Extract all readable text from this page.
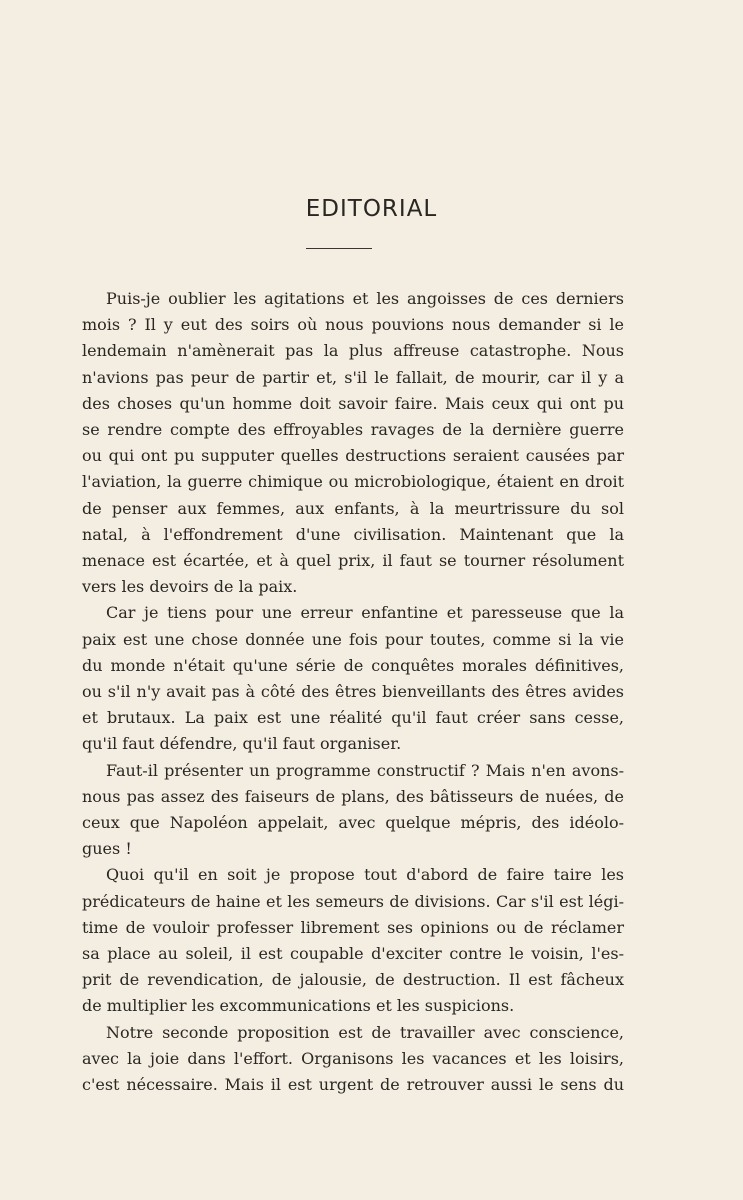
EDITORIAL
Puis-je oublier les agitations et les angoisses de ces derniers
mois ? Il y eut des soirs où nous pouvions nous demander si le
lendemain n'amènerait pas la plus affreuse catastrophe. Nous
n'avions pas peur de partir et, s'il le fallait, de mourir, car il y a
des choses qu'un homme doit savoir faire. Mais ceux qui ont pu
se rendre compte des effroyables ravages de la dernière guerre
ou qui ont pu supputer quelles destructions seraient causées par
l'aviation, la guerre chimique ou microbiologique, étaient en droit
de penser aux femmes, aux enfants, à la meurtrissure du sol
natal, à l'effondrement d'une civilisation. Maintenant que la
menace est écartée, et à quel prix, il faut se tourner résolument
vers les devoirs de la paix.
Car je tiens pour une erreur enfantine et paresseuse que la
paix est une chose donnée une fois pour toutes, comme si la vie
du monde n'était qu'une série de conquêtes morales définitives,
ou s'il n'y avait pas à côté des êtres bienveillants des êtres avides
et brutaux. La paix est une réalité qu'il faut créer sans cesse,
qu'il faut défendre, qu'il faut organiser.
Faut-il présenter un programme constructif ? Mais n'en avons-
nous pas assez des faiseurs de plans, des bâtisseurs de nuées, de
ceux que Napoléon appelait, avec quelque mépris, des idéolo-
gues !
Quoi qu'il en soit je propose tout d'abord de faire taire les
prédicateurs de haine et les semeurs de divisions. Car s'il est légi-
time de vouloir professer librement ses opinions ou de réclamer
sa place au soleil, il est coupable d'exciter contre le voisin, l'es-
prit de revendication, de jalousie, de destruction. Il est fâcheux
de multiplier les excommunications et les suspicions.
Notre seconde proposition est de travailler avec conscience,
avec la joie dans l'effort. Organisons les vacances et les loisirs,
c'est nécessaire. Mais il est urgent de retrouver aussi le sens du
